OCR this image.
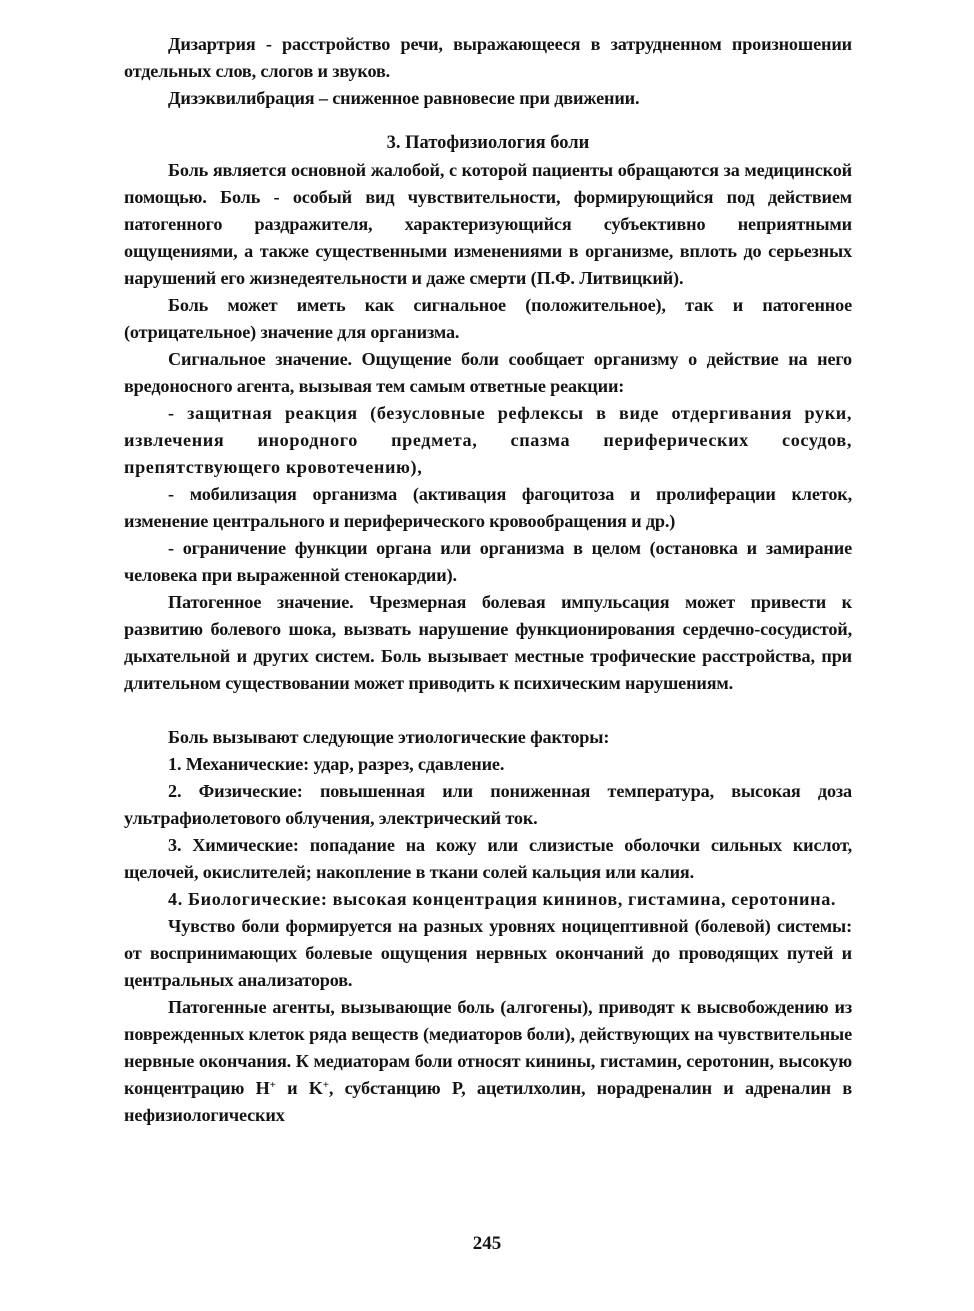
Дизартрия - расстройство речи, выражающееся в затрудненном произношении отдельных слов, слогов и звуков.

Дизэквилибрация – сниженное равновесие при движении.

3. Патофизиология боли

Боль является основной жалобой, с которой пациенты обращаются за медицинской помощью. Боль - особый вид чувствительности, формирующийся под действием патогенного раздражителя, характеризующийся субъективно неприятными ощущениями, а также существенными изменениями в организме, вплоть до серьезных нарушений его жизнедеятельности и даже смерти (П.Ф. Литвицкий).

Боль может иметь как сигнальное (положительное), так и патогенное (отрицательное) значение для организма.

Сигнальное значение. Ощущение боли сообщает организму о действие на него вредоносного агента, вызывая тем самым ответные реакции:

- защитная реакция (безусловные рефлексы в виде отдергивания руки, извлечения инородного предмета, спазма периферических сосудов, препятствующего кровотечению),

- мобилизация организма (активация фагоцитоза и пролиферации клеток, изменение центрального и периферического кровообращения и др.)

- ограничение функции органа или организма в целом (остановка и замирание человека при выраженной стенокардии).

Патогенное значение. Чрезмерная болевая импульсация может привести к развитию болевого шока, вызвать нарушение функционирования сердечно-сосудистой, дыхательной и других систем. Боль вызывает местные трофические расстройства, при длительном существовании может приводить к психическим нарушениям.

Боль вызывают следующие этиологические факторы:

1. Механические: удар, разрез, сдавление.

2. Физические: повышенная или пониженная температура, высокая доза ультрафиолетового облучения, электрический ток.

3. Химические: попадание на кожу или слизистые оболочки сильных кислот, щелочей, окислителей; накопление в ткани солей кальция или калия.

4. Биологические: высокая концентрация кининов, гистамина, серотонина.

Чувство боли формируется на разных уровнях ноцицептивной (болевой) системы: от воспринимающих болевые ощущения нервных окончаний до проводящих путей и центральных анализаторов.

Патогенные агенты, вызывающие боль (алгогены), приводят к высвобождению из поврежденных клеток ряда веществ (медиаторов боли), действующих на чувствительные нервные окончания. К медиаторам боли относят кинины, гистамин, серотонин, высокую концентрацию H+ и K+, субстанцию P, ацетилхолин, норадреналин и адреналин в нефизиологических

245
